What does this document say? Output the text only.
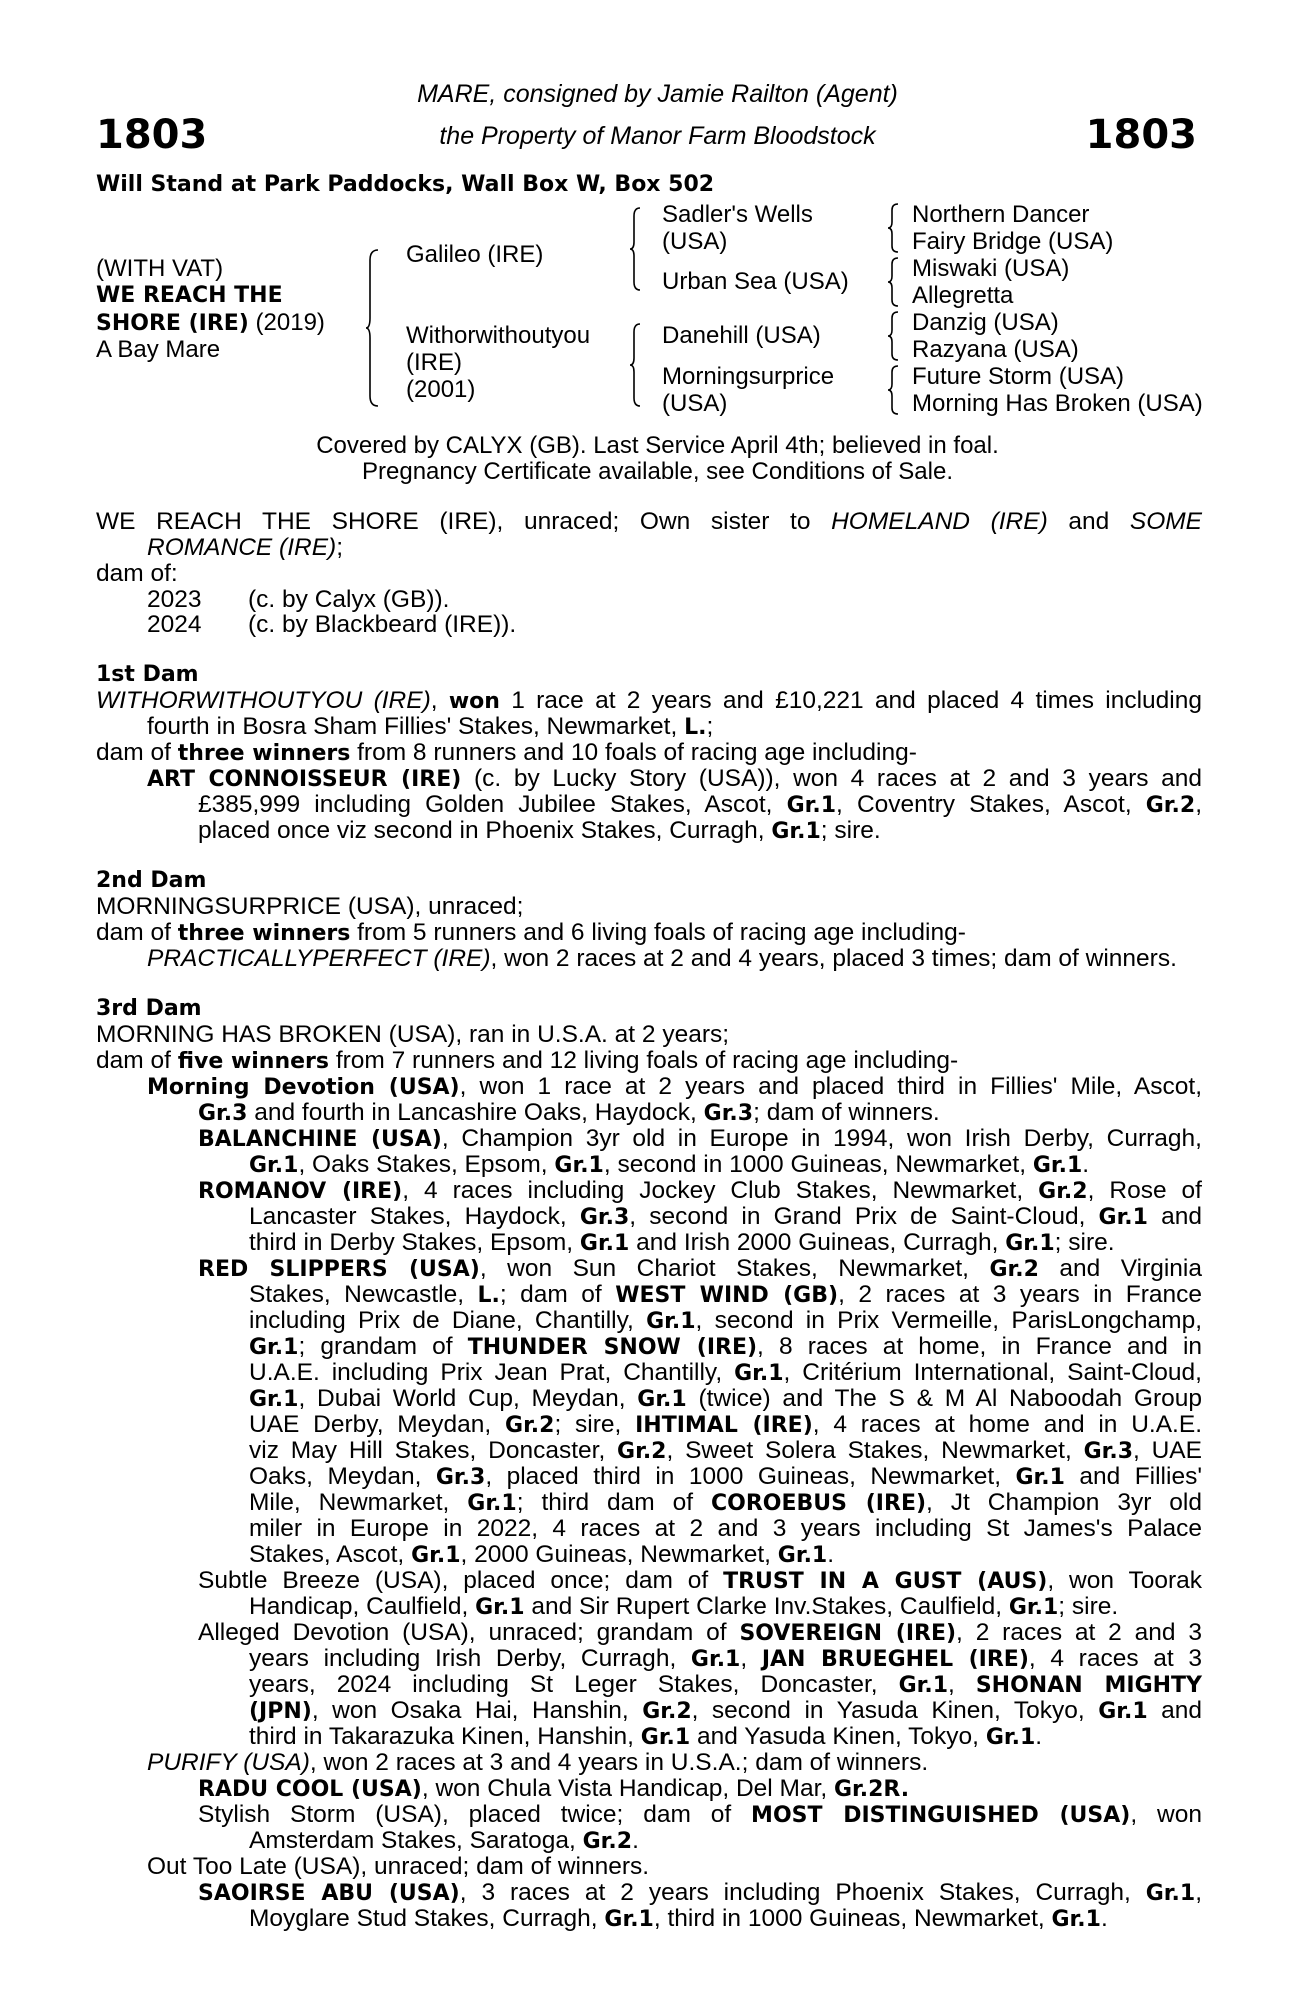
1803	1803
MARE, consigned by Jamie Railton (Agent)
the Property of Manor Farm Bloodstock
Will Stand at Park Paddocks, Wall Box W, Box 502
(WITH VAT)
WE REACH THE
SHORE (IRE) (2019)
A Bay Mare
Galileo (IRE)
Withorwithoutyou
(IRE)
(2001)
Sadler's Wells
(USA)
Urban Sea (USA)
Danehill (USA)
Morningsurprice
(USA)
Northern Dancer
Fairy Bridge (USA)
Miswaki (USA)
Allegretta
Danzig (USA)
Razyana (USA)
Future Storm (USA)
Morning Has Broken (USA)
Covered by CALYX (GB). Last Service April 4th; believed in foal.
Pregnancy Certificate available, see Conditions of Sale.
WE REACH THE SHORE (IRE), unraced; Own sister to HOMELAND (IRE) and SOME
ROMANCE (IRE);
dam of:
2023 (c. by Calyx (GB)).
2024 (c. by Blackbeard (IRE)).
1st Dam
WITHORWITHOUTYOU (IRE), won 1 race at 2 years and £10,221 and placed 4 times including
fourth in Bosra Sham Fillies' Stakes, Newmarket, L.;
dam of three winners from 8 runners and 10 foals of racing age including-
ART CONNOISSEUR (IRE) (c. by Lucky Story (USA)), won 4 races at 2 and 3 years and
£385,999 including Golden Jubilee Stakes, Ascot, Gr.1, Coventry Stakes, Ascot, Gr.2,
placed once viz second in Phoenix Stakes, Curragh, Gr.1; sire.
2nd Dam
MORNINGSURPRICE (USA), unraced;
dam of three winners from 5 runners and 6 living foals of racing age including-
PRACTICALLYPERFECT (IRE), won 2 races at 2 and 4 years, placed 3 times; dam of winners.
3rd Dam
MORNING HAS BROKEN (USA), ran in U.S.A. at 2 years;
dam of five winners from 7 runners and 12 living foals of racing age including-
Morning Devotion (USA), won 1 race at 2 years and placed third in Fillies' Mile, Ascot,
Gr.3 and fourth in Lancashire Oaks, Haydock, Gr.3; dam of winners.
BALANCHINE (USA), Champion 3yr old in Europe in 1994, won Irish Derby, Curragh,
Gr.1, Oaks Stakes, Epsom, Gr.1, second in 1000 Guineas, Newmarket, Gr.1.
ROMANOV (IRE), 4 races including Jockey Club Stakes, Newmarket, Gr.2, Rose of
Lancaster Stakes, Haydock, Gr.3, second in Grand Prix de Saint-Cloud, Gr.1 and
third in Derby Stakes, Epsom, Gr.1 and Irish 2000 Guineas, Curragh, Gr.1; sire.
RED SLIPPERS (USA), won Sun Chariot Stakes, Newmarket, Gr.2 and Virginia
Stakes, Newcastle, L.; dam of WEST WIND (GB), 2 races at 3 years in France
including Prix de Diane, Chantilly, Gr.1, second in Prix Vermeille, ParisLongchamp,
Gr.1; grandam of THUNDER SNOW (IRE), 8 races at home, in France and in
U.A.E. including Prix Jean Prat, Chantilly, Gr.1, Critérium International, Saint-Cloud,
Gr.1, Dubai World Cup, Meydan, Gr.1 (twice) and The S & M Al Naboodah Group
UAE Derby, Meydan, Gr.2; sire, IHTIMAL (IRE), 4 races at home and in U.A.E.
viz May Hill Stakes, Doncaster, Gr.2, Sweet Solera Stakes, Newmarket, Gr.3, UAE
Oaks, Meydan, Gr.3, placed third in 1000 Guineas, Newmarket, Gr.1 and Fillies'
Mile, Newmarket, Gr.1; third dam of COROEBUS (IRE), Jt Champion 3yr old
miler in Europe in 2022, 4 races at 2 and 3 years including St James's Palace
Stakes, Ascot, Gr.1, 2000 Guineas, Newmarket, Gr.1.
Subtle Breeze (USA), placed once; dam of TRUST IN A GUST (AUS), won Toorak
Handicap, Caulfield, Gr.1 and Sir Rupert Clarke Inv.Stakes, Caulfield, Gr.1; sire.
Alleged Devotion (USA), unraced; grandam of SOVEREIGN (IRE), 2 races at 2 and 3
years including Irish Derby, Curragh, Gr.1, JAN BRUEGHEL (IRE), 4 races at 3
years, 2024 including St Leger Stakes, Doncaster, Gr.1, SHONAN MIGHTY
(JPN), won Osaka Hai, Hanshin, Gr.2, second in Yasuda Kinen, Tokyo, Gr.1 and
third in Takarazuka Kinen, Hanshin, Gr.1 and Yasuda Kinen, Tokyo, Gr.1.
PURIFY (USA), won 2 races at 3 and 4 years in U.S.A.; dam of winners.
RADU COOL (USA), won Chula Vista Handicap, Del Mar, Gr.2R.
Stylish Storm (USA), placed twice; dam of MOST DISTINGUISHED (USA), won
Amsterdam Stakes, Saratoga, Gr.2.
Out Too Late (USA), unraced; dam of winners.
SAOIRSE ABU (USA), 3 races at 2 years including Phoenix Stakes, Curragh, Gr.1,
Moyglare Stud Stakes, Curragh, Gr.1, third in 1000 Guineas, Newmarket, Gr.1.
